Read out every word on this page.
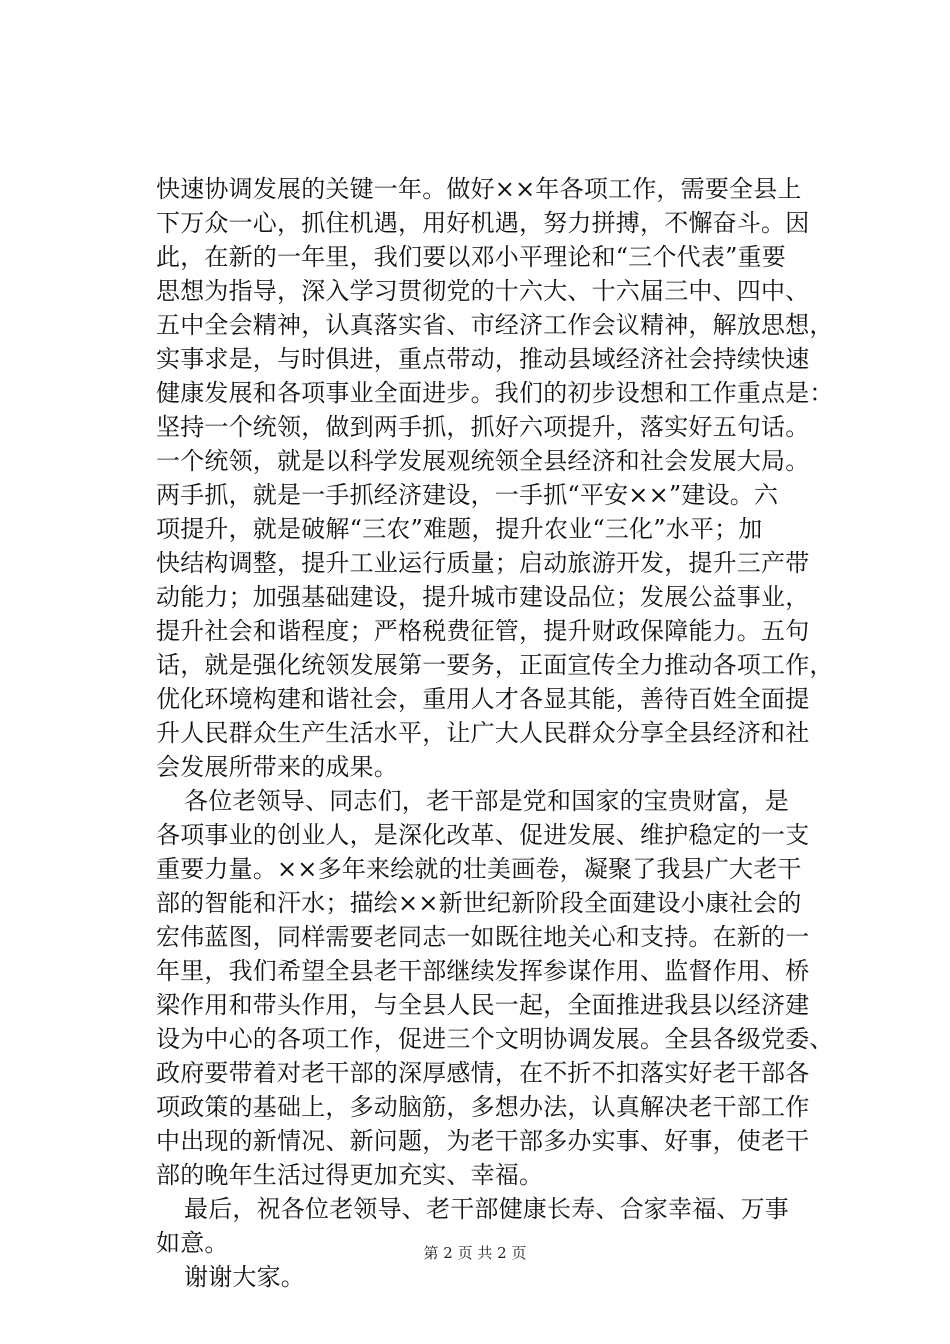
快速协调发展的关键一年。做好××年各项工作，需要全县上
下万众一心，抓住机遇，用好机遇，努力拼搏，不懈奋斗。因
此，在新的一年里，我们要以邓小平理论和“三个代表”重要
思想为指导，深入学习贯彻党的十六大、十六届三中、四中、
五中全会精神，认真落实省、市经济工作会议精神，解放思想，
实事求是，与时俱进，重点带动，推动县域经济社会持续快速
健康发展和各项事业全面进步。我们的初步设想和工作重点是：
坚持一个统领，做到两手抓，抓好六项提升，落实好五句话。
一个统领，就是以科学发展观统领全县经济和社会发展大局。
两手抓，就是一手抓经济建设，一手抓“平安××”建设。六
项提升，就是破解“三农”难题，提升农业“三化”水平；加
快结构调整，提升工业运行质量；启动旅游开发，提升三产带
动能力；加强基础建设，提升城市建设品位；发展公益事业，
提升社会和谐程度；严格税费征管，提升财政保障能力。五句
话，就是强化统领发展第一要务，正面宣传全力推动各项工作，
优化环境构建和谐社会，重用人才各显其能，善待百姓全面提
升人民群众生产生活水平，让广大人民群众分享全县经济和社
会发展所带来的成果。
各位老领导、同志们，老干部是党和国家的宝贵财富，是
各项事业的创业人，是深化改革、促进发展、维护稳定的一支
重要力量。××多年来绘就的壮美画卷，凝聚了我县广大老干
部的智能和汗水；描绘××新世纪新阶段全面建设小康社会的
宏伟蓝图，同样需要老同志一如既往地关心和支持。在新的一
年里，我们希望全县老干部继续发挥参谋作用、监督作用、桥
梁作用和带头作用，与全县人民一起，全面推进我县以经济建
设为中心的各项工作，促进三个文明协调发展。全县各级党委、
政府要带着对老干部的深厚感情，在不折不扣落实好老干部各
项政策的基础上，多动脑筋，多想办法，认真解决老干部工作
中出现的新情况、新问题，为老干部多办实事、好事，使老干
部的晚年生活过得更加充实、幸福。
最后，祝各位老领导、老干部健康长寿、合家幸福、万事
如意。
谢谢大家。
第 2 页 共 2 页
